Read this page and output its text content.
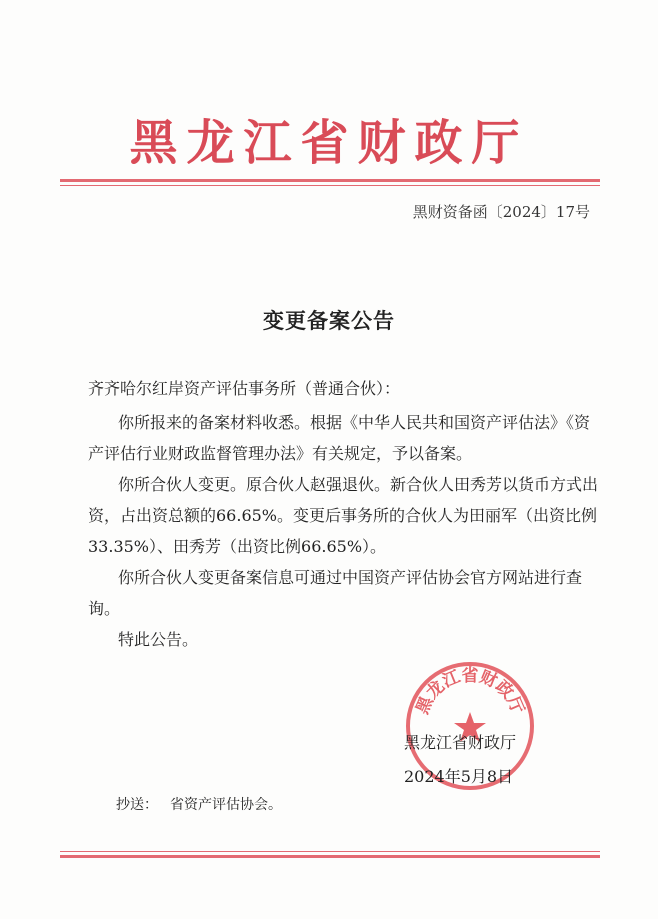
黑龙江省财政厅
黑财资备函〔2024〕17号
变更备案公告
齐齐哈尔红岸资产评估事务所（普通合伙）：

你所报来的备案材料收悉。根据《中华人民共和国资产评估法》《资产评估行业财政监督管理办法》有关规定，予以备案。

你所合伙人变更。原合伙人赵强退伙。新合伙人田秀芳以货币方式出资，占出资总额的66.65%。变更后事务所的合伙人为田丽军（出资比例33.35%）、田秀芳（出资比例66.65%）。

你所合伙人变更备案信息可通过中国资产评估协会官方网站进行查询。

特此公告。

黑龙江省财政厅
黑龙江省财政厅
2024年5月8日
抄送： 省资产评估协会。
